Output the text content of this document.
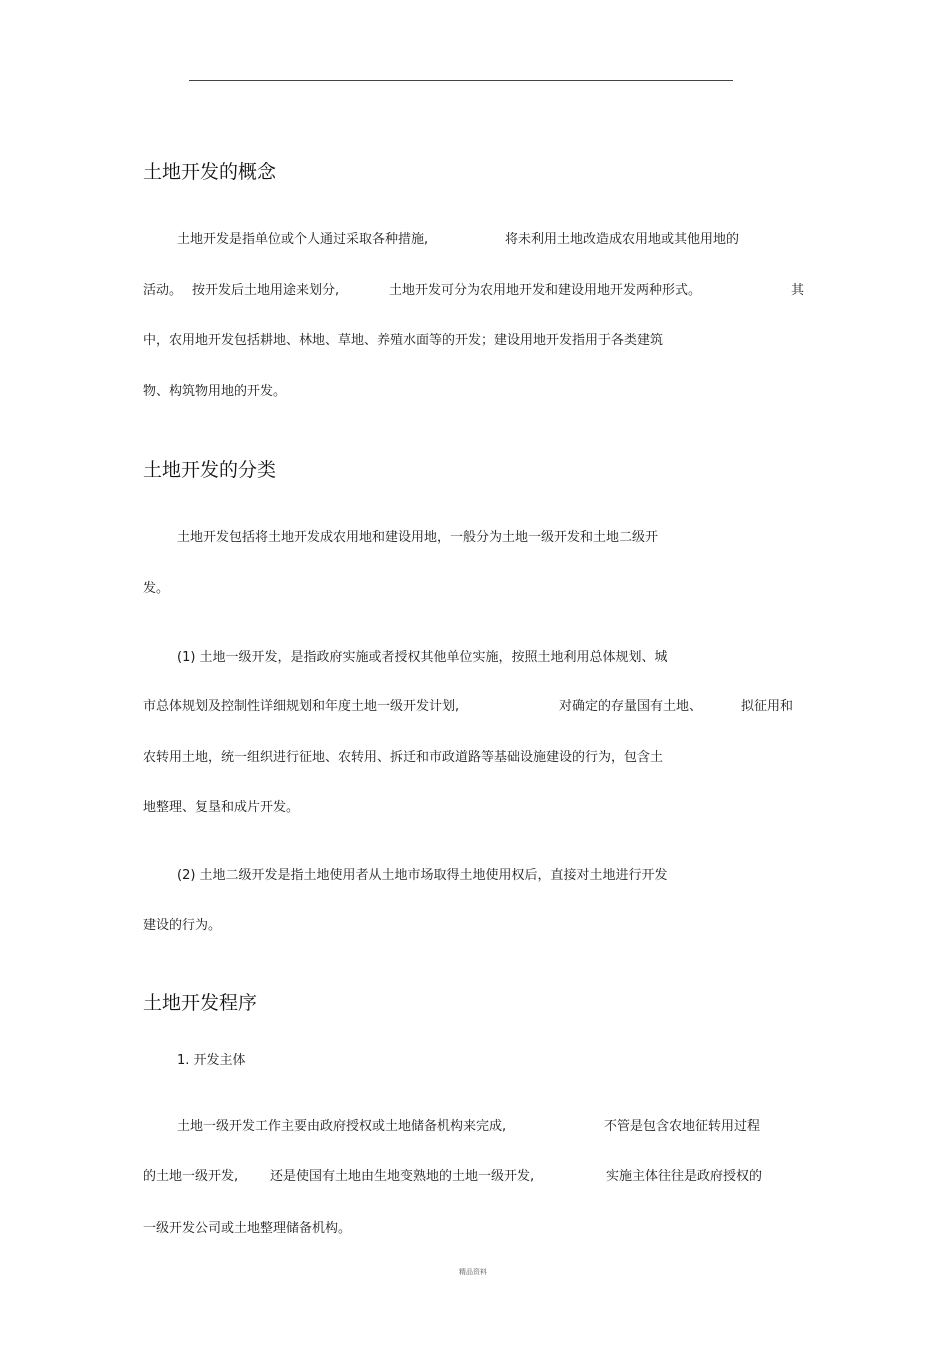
土地开发的概念
土地开发是指单位或个人通过采取各种措施,	将未利用土地改造成农用地或其他用地的
活动。 按开发后土地用途来划分,	土地开发可分为农用地开发和建设用地开发两种形式。	其
中，农用地开发包括耕地、林地、草地、养殖水面等的开发；建设用地开发指用于各类建筑
物、构筑物用地的开发。
土地开发的分类
土地开发包括将土地开发成农用地和建设用地，一般分为土地一级开发和土地二级开
发。
(1) 土地一级开发，是指政府实施或者授权其他单位实施，按照土地利用总体规划、城
市总体规划及控制性详细规划和年度土地一级开发计划,	对确定的存量国有土地、	拟征用和
农转用土地，统一组织进行征地、农转用、拆迁和市政道路等基础设施建设的行为，包含土
地整理、复垦和成片开发。
(2) 土地二级开发是指土地使用者从土地市场取得土地使用权后，直接对土地进行开发
建设的行为。
土地开发程序
1. 开发主体
土地一级开发工作主要由政府授权或土地储备机构来完成,	不管是包含农地征转用过程
的土地一级开发, 还是使国有土地由生地变熟地的土地一级开发,	实施主体往往是政府授权的
一级开发公司或土地整理储备机构。
精品资料
